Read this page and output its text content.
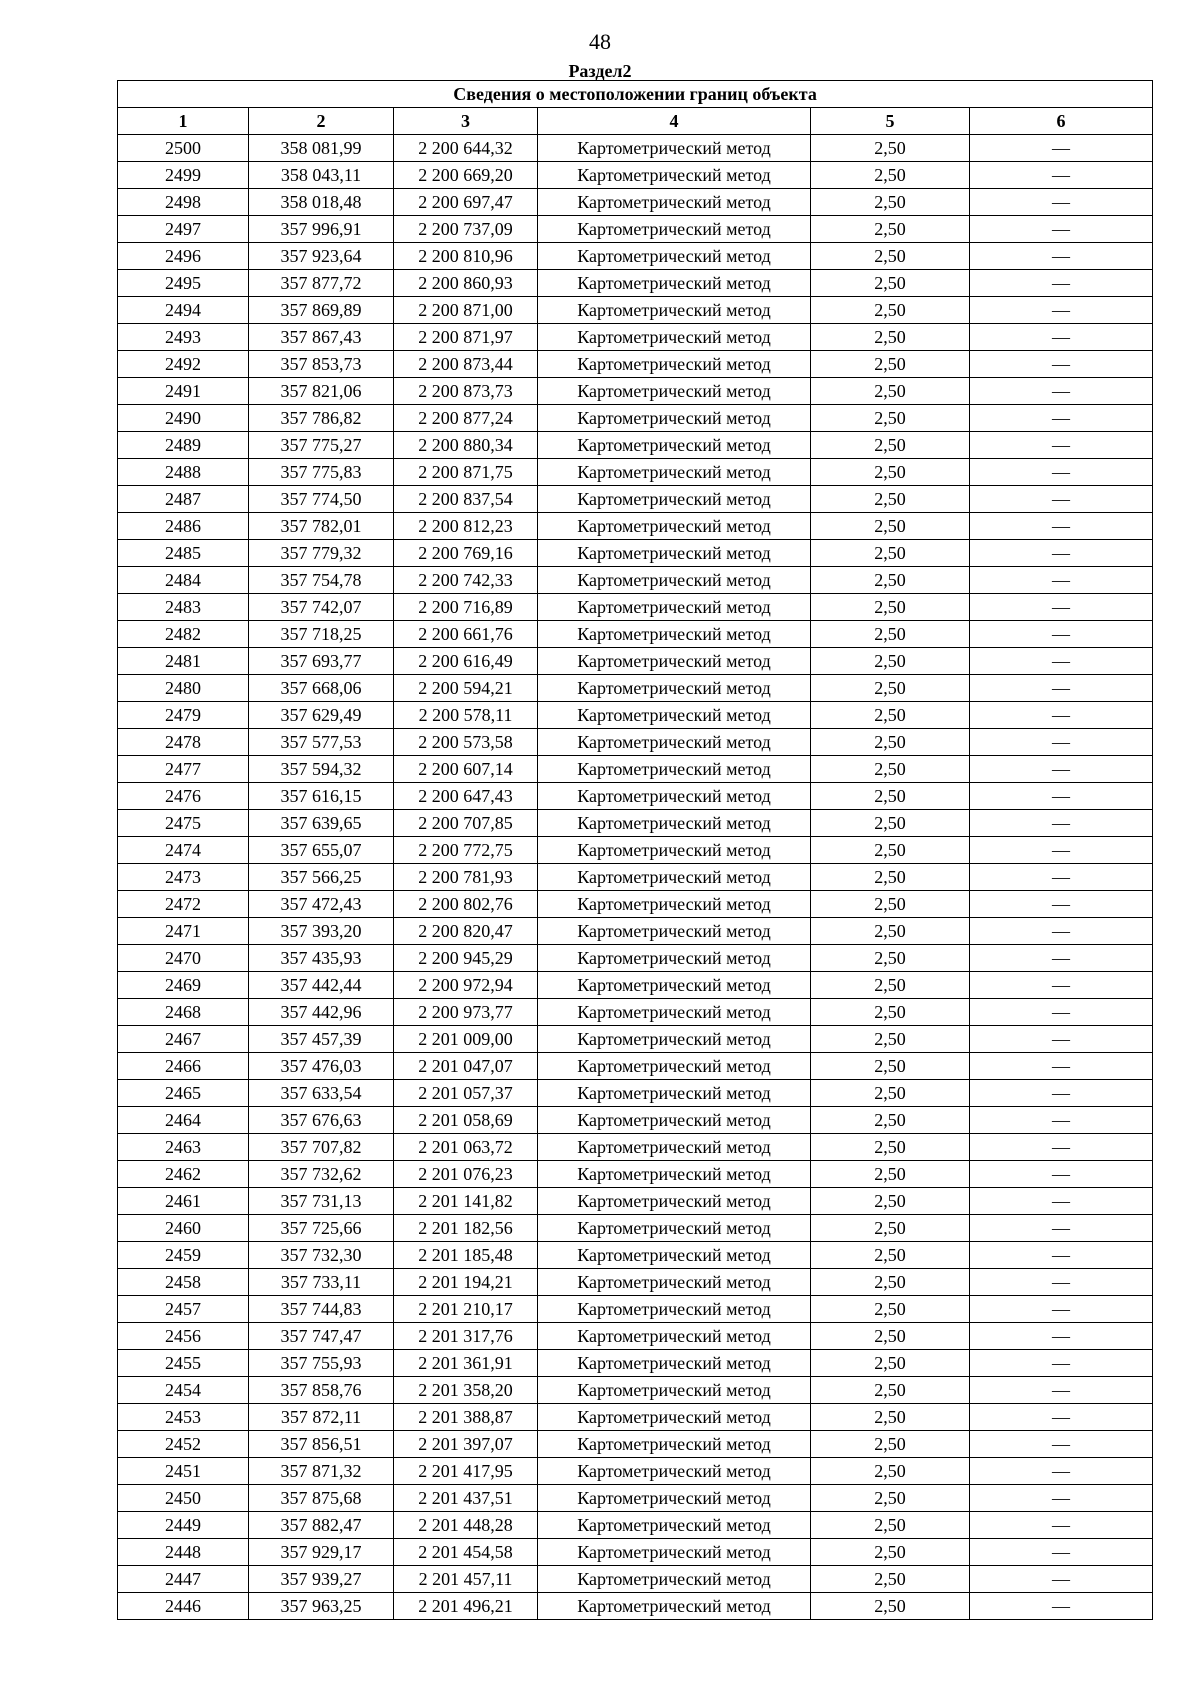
48
Раздел2
Сведения о местоположении границ объекта					
1	2	3	4	5	6
2500	358 081,99	2 200 644,32	Картометрический метод	2,50	—
2499	358 043,11	2 200 669,20	Картометрический метод	2,50	—
2498	358 018,48	2 200 697,47	Картометрический метод	2,50	—
2497	357 996,91	2 200 737,09	Картометрический метод	2,50	—
2496	357 923,64	2 200 810,96	Картометрический метод	2,50	—
2495	357 877,72	2 200 860,93	Картометрический метод	2,50	—
2494	357 869,89	2 200 871,00	Картометрический метод	2,50	—
2493	357 867,43	2 200 871,97	Картометрический метод	2,50	—
2492	357 853,73	2 200 873,44	Картометрический метод	2,50	—
2491	357 821,06	2 200 873,73	Картометрический метод	2,50	—
2490	357 786,82	2 200 877,24	Картометрический метод	2,50	—
2489	357 775,27	2 200 880,34	Картометрический метод	2,50	—
2488	357 775,83	2 200 871,75	Картометрический метод	2,50	—
2487	357 774,50	2 200 837,54	Картометрический метод	2,50	—
2486	357 782,01	2 200 812,23	Картометрический метод	2,50	—
2485	357 779,32	2 200 769,16	Картометрический метод	2,50	—
2484	357 754,78	2 200 742,33	Картометрический метод	2,50	—
2483	357 742,07	2 200 716,89	Картометрический метод	2,50	—
2482	357 718,25	2 200 661,76	Картометрический метод	2,50	—
2481	357 693,77	2 200 616,49	Картометрический метод	2,50	—
2480	357 668,06	2 200 594,21	Картометрический метод	2,50	—
2479	357 629,49	2 200 578,11	Картометрический метод	2,50	—
2478	357 577,53	2 200 573,58	Картометрический метод	2,50	—
2477	357 594,32	2 200 607,14	Картометрический метод	2,50	—
2476	357 616,15	2 200 647,43	Картометрический метод	2,50	—
2475	357 639,65	2 200 707,85	Картометрический метод	2,50	—
2474	357 655,07	2 200 772,75	Картометрический метод	2,50	—
2473	357 566,25	2 200 781,93	Картометрический метод	2,50	—
2472	357 472,43	2 200 802,76	Картометрический метод	2,50	—
2471	357 393,20	2 200 820,47	Картометрический метод	2,50	—
2470	357 435,93	2 200 945,29	Картометрический метод	2,50	—
2469	357 442,44	2 200 972,94	Картометрический метод	2,50	—
2468	357 442,96	2 200 973,77	Картометрический метод	2,50	—
2467	357 457,39	2 201 009,00	Картометрический метод	2,50	—
2466	357 476,03	2 201 047,07	Картометрический метод	2,50	—
2465	357 633,54	2 201 057,37	Картометрический метод	2,50	—
2464	357 676,63	2 201 058,69	Картометрический метод	2,50	—
2463	357 707,82	2 201 063,72	Картометрический метод	2,50	—
2462	357 732,62	2 201 076,23	Картометрический метод	2,50	—
2461	357 731,13	2 201 141,82	Картометрический метод	2,50	—
2460	357 725,66	2 201 182,56	Картометрический метод	2,50	—
2459	357 732,30	2 201 185,48	Картометрический метод	2,50	—
2458	357 733,11	2 201 194,21	Картометрический метод	2,50	—
2457	357 744,83	2 201 210,17	Картометрический метод	2,50	—
2456	357 747,47	2 201 317,76	Картометрический метод	2,50	—
2455	357 755,93	2 201 361,91	Картометрический метод	2,50	—
2454	357 858,76	2 201 358,20	Картометрический метод	2,50	—
2453	357 872,11	2 201 388,87	Картометрический метод	2,50	—
2452	357 856,51	2 201 397,07	Картометрический метод	2,50	—
2451	357 871,32	2 201 417,95	Картометрический метод	2,50	—
2450	357 875,68	2 201 437,51	Картометрический метод	2,50	—
2449	357 882,47	2 201 448,28	Картометрический метод	2,50	—
2448	357 929,17	2 201 454,58	Картометрический метод	2,50	—
2447	357 939,27	2 201 457,11	Картометрический метод	2,50	—
2446	357 963,25	2 201 496,21	Картометрический метод	2,50	—
